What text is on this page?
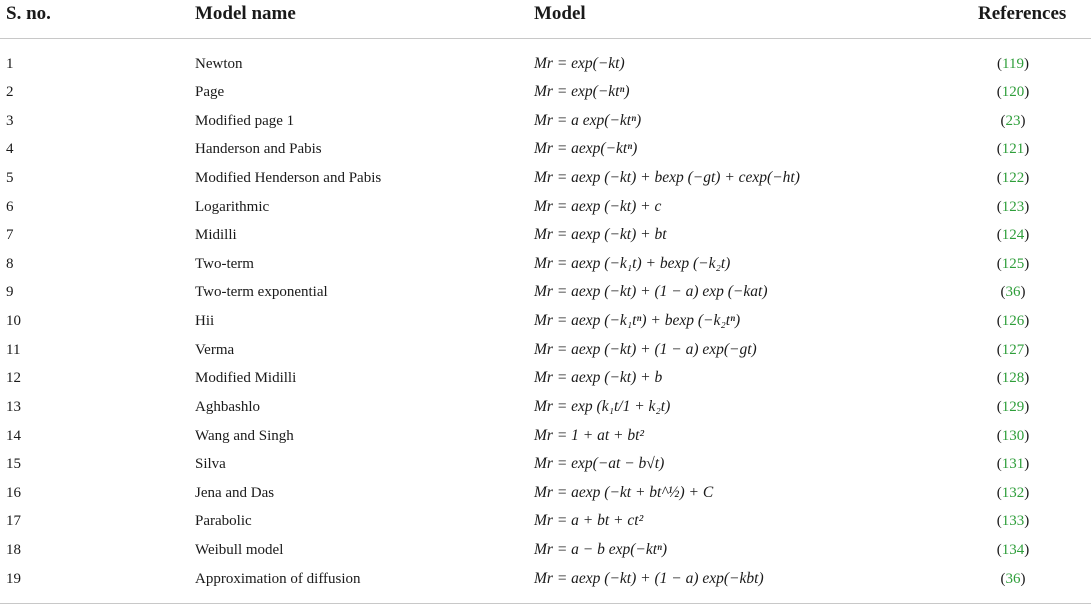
S. no.	Model name	Model	References
1	Newton	Mr = exp(−kt)	(119)
2	Page	Mr = exp(−ktⁿ)	(120)
3	Modified page 1	Mr = a exp(−ktⁿ)	(23)
4	Handerson and Pabis	Mr = aexp(−ktⁿ)	(121)
5	Modified Henderson and Pabis	Mr = aexp (−kt) + bexp (−gt) + cexp(−ht)	(122)
6	Logarithmic	Mr = aexp (−kt) + c	(123)
7	Midilli	Mr = aexp (−kt) + bt	(124)
8	Two-term	Mr = aexp (−k₁t) + bexp (−k₂t)	(125)
9	Two-term exponential	Mr = aexp (−kt) + (1 − a) exp (−kat)	(36)
10	Hii	Mr = aexp (−k₁tⁿ) + bexp (−k₂tⁿ)	(126)
11	Verma	Mr = aexp (−kt) + (1 − a) exp(−gt)	(127)
12	Modified Midilli	Mr = aexp (−kt) + b	(128)
13	Aghbashlo	Mr = exp (k₁t/1 + k₂t)	(129)
14	Wang and Singh	Mr = 1 + at + bt²	(130)
15	Silva	Mr = exp(−at − b√t)	(131)
16	Jena and Das	Mr = aexp (−kt + bt^½) + C	(132)
17	Parabolic	Mr = a + bt + ct²	(133)
18	Weibull model	Mr = a − b exp(−ktⁿ)	(134)
19	Approximation of diffusion	Mr = aexp (−kt) + (1 − a) exp(−kbt)	(36)
